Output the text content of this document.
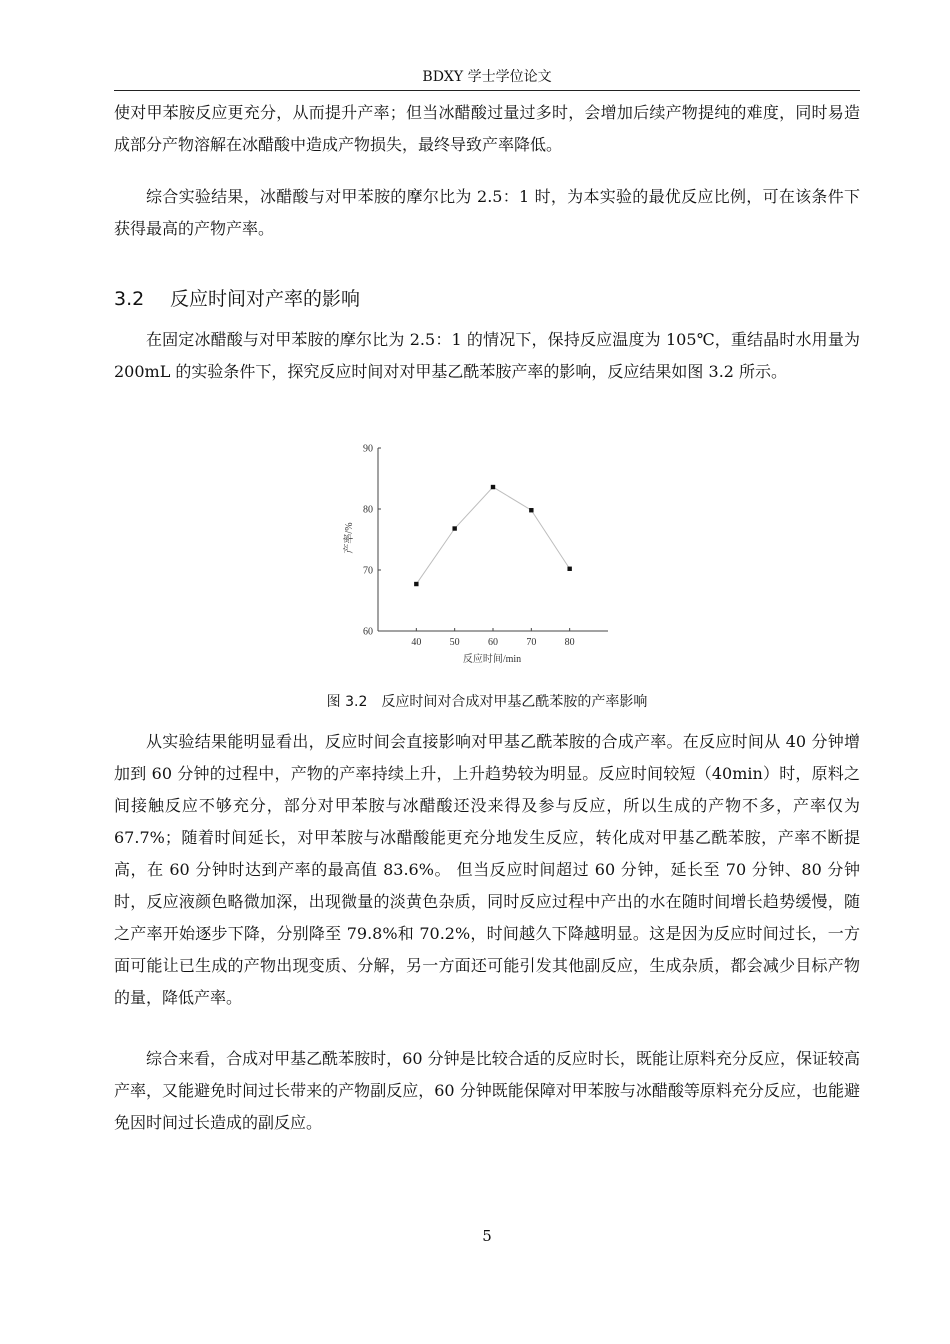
BDXY 学士学位论文

使对甲苯胺反应更充分，从而提升产率；但当冰醋酸过量过多时，会增加后续产物提纯的难度，同时易造成部分产物溶解在冰醋酸中造成产物损失，最终导致产率降低。

综合实验结果，冰醋酸与对甲苯胺的摩尔比为 2.5：1 时，为本实验的最优反应比例，可在该条件下获得最高的产物产率。

3.2 反应时间对产率的影响

在固定冰醋酸与对甲苯胺的摩尔比为 2.5：1 的情况下，保持反应温度为 105℃，重结晶时水用量为 200mL 的实验条件下，探究反应时间对对甲基乙酰苯胺产率的影响，反应结果如图 3.2 所示。

60
70
80
90
40	50	60	70	80
反应时间/min
产率/%
图 3.2　反应时间对合成对甲基乙酰苯胺的产率影响

从实验结果能明显看出，反应时间会直接影响对甲基乙酰苯胺的合成产率。在反应时间从 40 分钟增加到 60 分钟的过程中，产物的产率持续上升，上升趋势较为明显。反应时间较短（40min）时，原料之间接触反应不够充分，部分对甲苯胺与冰醋酸还没来得及参与反应，所以生成的产物不多，产率仅为 67.7%；随着时间延长，对甲苯胺与冰醋酸能更充分地发生反应，转化成对甲基乙酰苯胺，产率不断提高，在 60 分钟时达到产率的最高值 83.6%。 但当反应时间超过 60 分钟，延长至 70 分钟、80 分钟时，反应液颜色略微加深，出现微量的淡黄色杂质，同时反应过程中产出的水在随时间增长趋势缓慢，随之产率开始逐步下降，分别降至 79.8%和 70.2%，时间越久下降越明显。这是因为反应时间过长，一方面可能让已生成的产物出现变质、分解，另一方面还可能引发其他副反应，生成杂质，都会减少目标产物的量，降低产率。

综合来看，合成对甲基乙酰苯胺时，60 分钟是比较合适的反应时长，既能让原料充分反应，保证较高产率，又能避免时间过长带来的产物副反应，60 分钟既能保障对甲苯胺与冰醋酸等原料充分反应，也能避免因时间过长造成的副反应。

5
